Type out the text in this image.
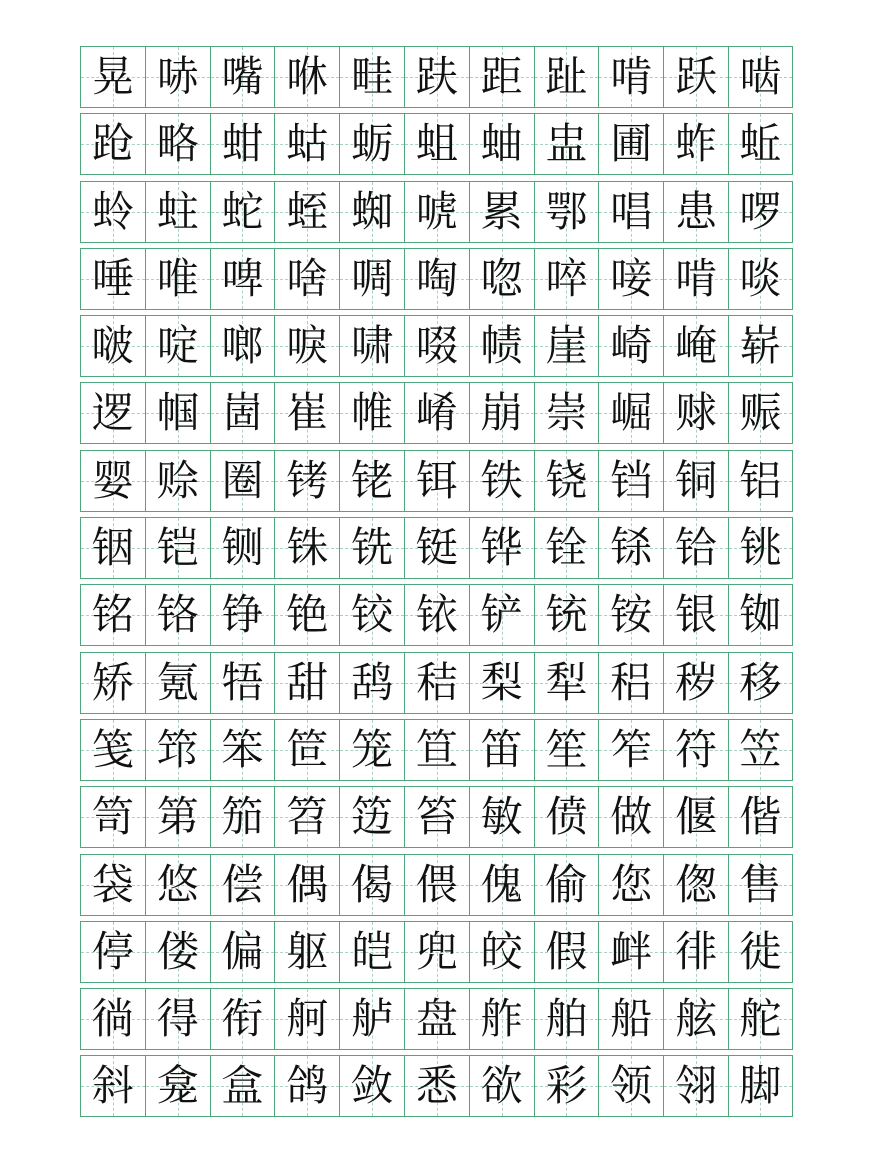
晃 哧 嘴 咻 畦 趺 距 趾 啃 跃 啮
跄 略 蚶 蛄 蛎 蛆 蚰 盅 圃 蚱 蚯
蛉 蛀 蛇 蛭 蜘 唬 累 鄂 唱 患 啰
唾 唯 啤 啥 啁 啕 唿 啐 唼 啃 啖
啵 啶 啷 唳 啸 啜 帻 崖 崎 崦 崭
逻 帼 崮 崔 帷 崤 崩 崇 崛 赇 赈
婴 赊 圈 铐 铑 铒 铁 铙 铛 铜 铝
铟 铠 铡 铢 铣 铤 铧 铨 铩 铪 铫
铭 铬 铮 铯 铰 铱 铲 铳 铵 银 铷
矫 氪 牾 甜 鸹 秸 梨 犁 稆 秽 移
笺 筇 笨 笸 笼 笪 笛 笙 笮 符 笠
笥 第 笳 笤 笾 笞 敏 偾 做 偃 偕
袋 悠 偿 偶 偈 偎 傀 偷 您 偬 售
停 偻 偏 躯 皑 兜 皎 假 衅 徘 徙
徜 得 衔 舸 舻 盘 舴 舶 船 舷 舵
斜 龛 盒 鸽 敛 悉 欲 彩 领 翎 脚
